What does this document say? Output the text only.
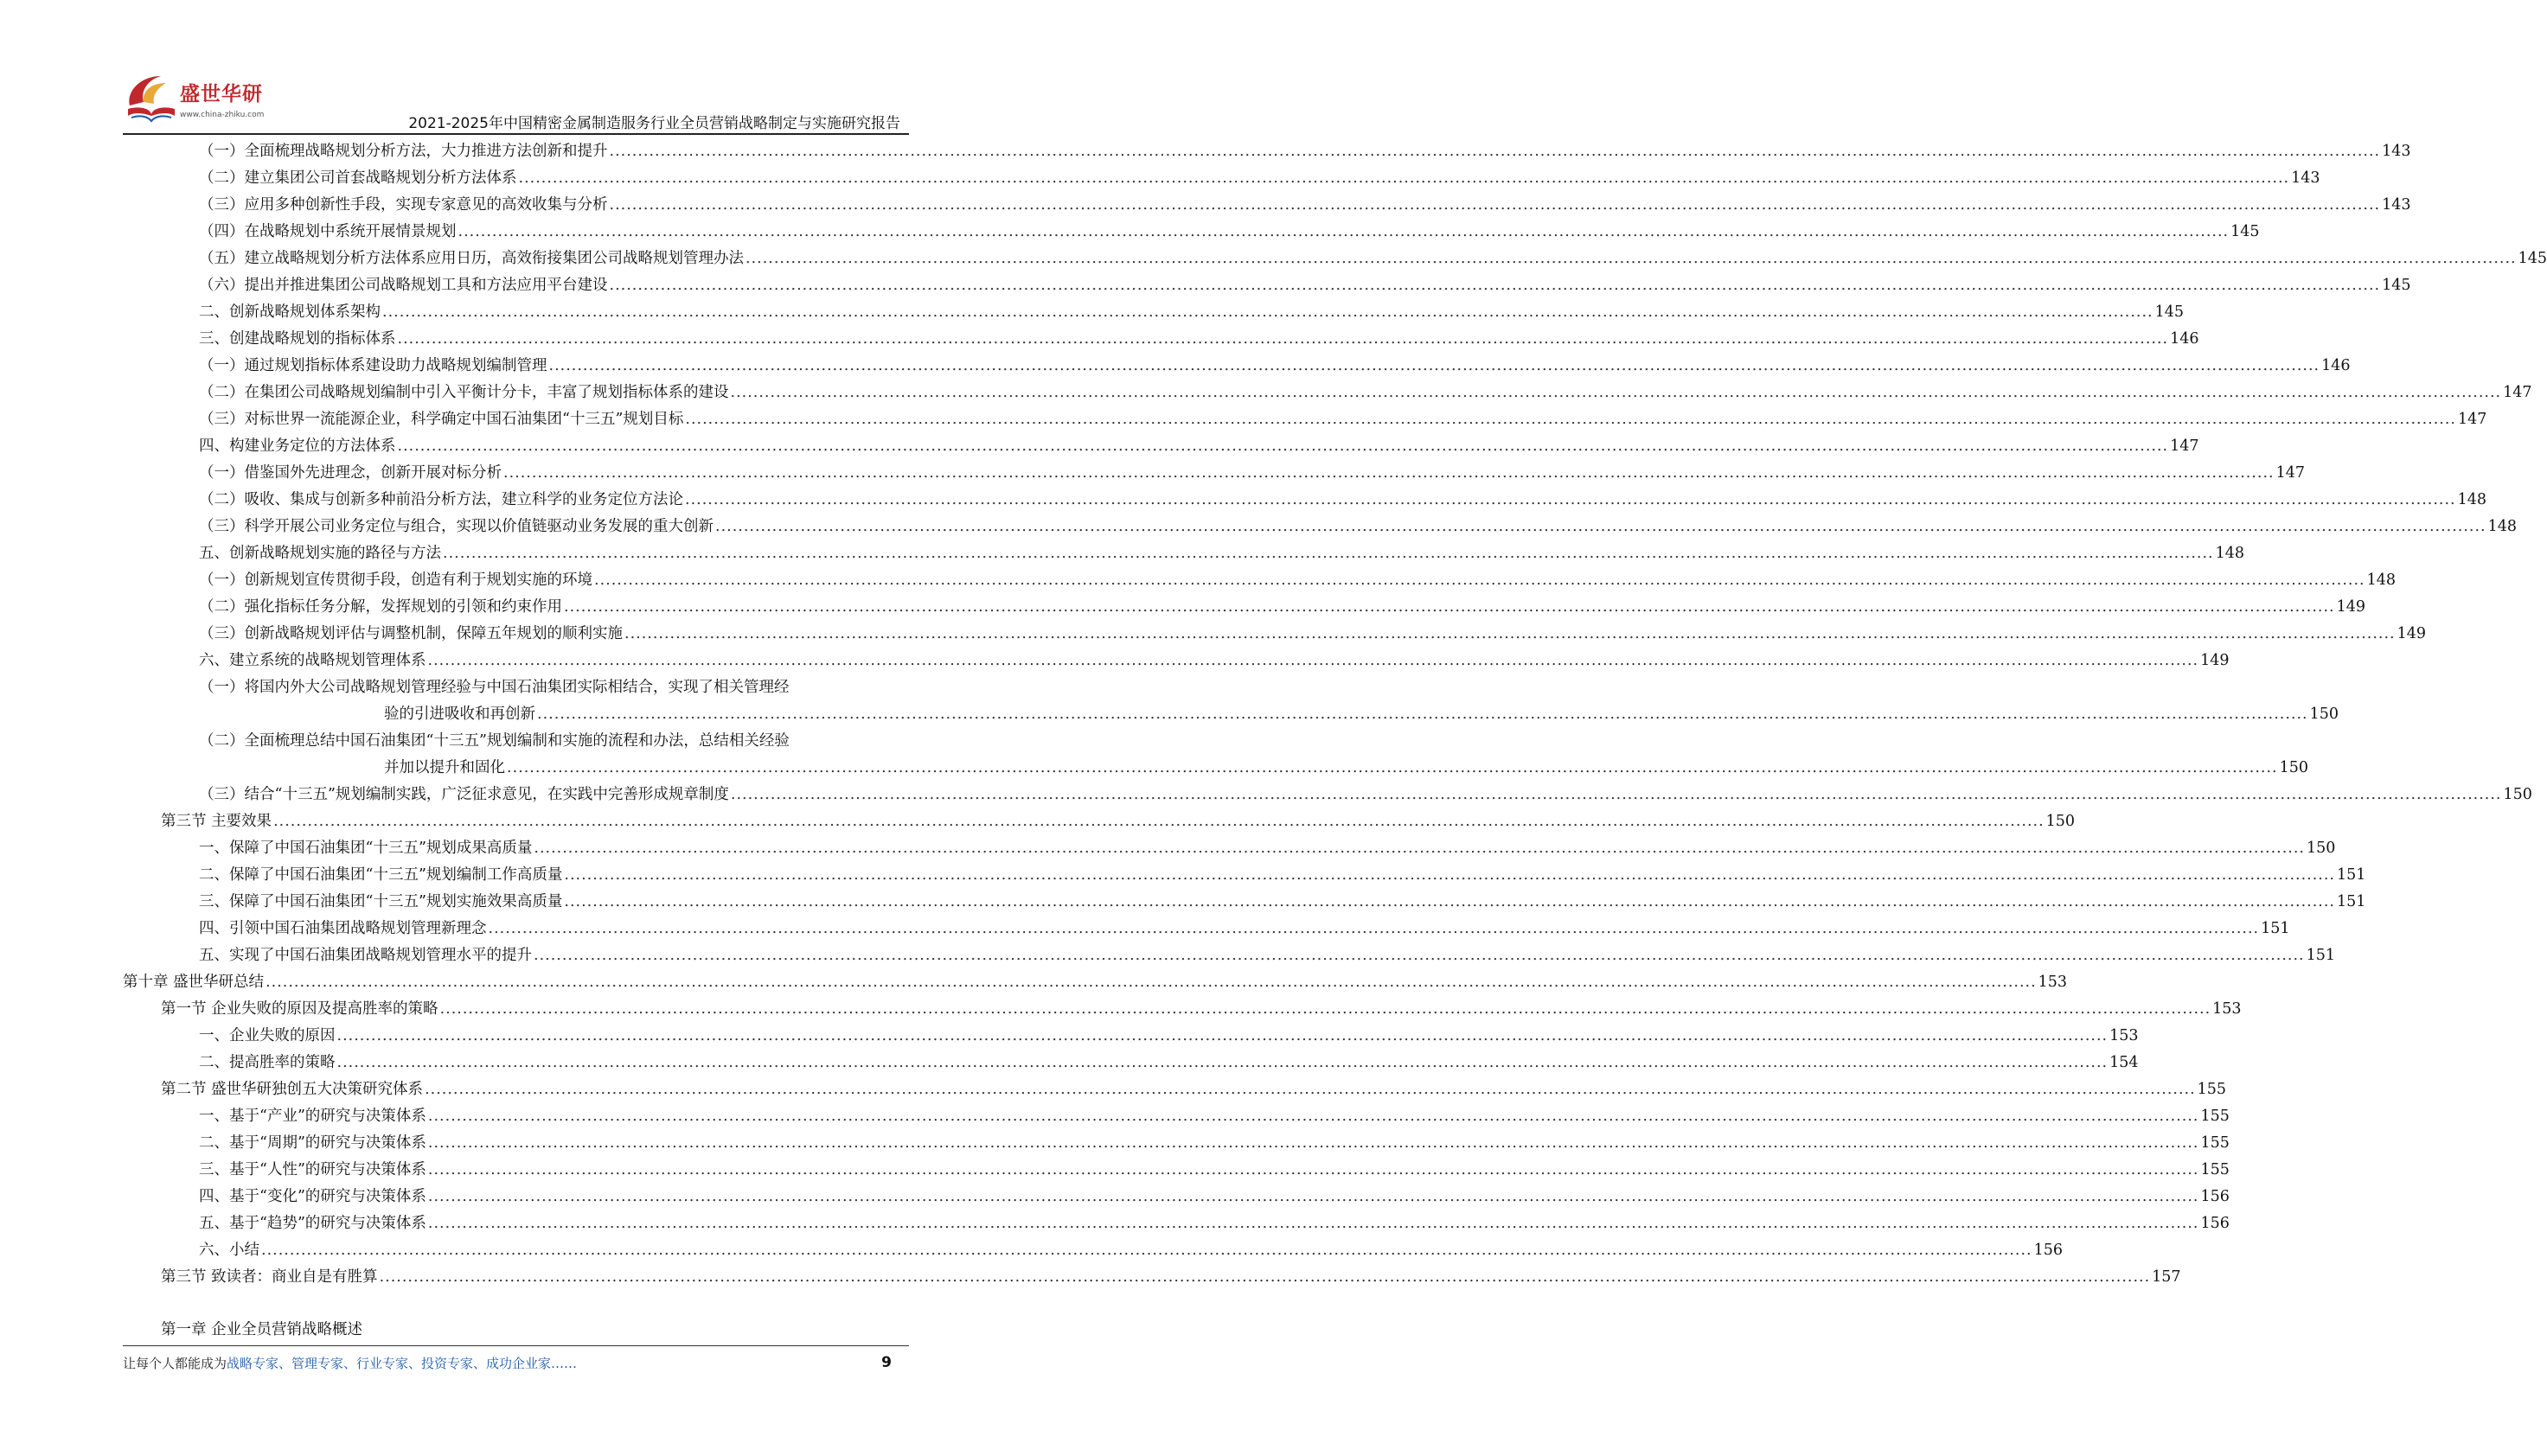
盛世华研
www.china-zhiku.com	2021-2025年中国精密金属制造服务行业全员营销战略制定与实施研究报告
（一）全面梳理战略规划分析方法，大力推进方法创新和提升 .....	143
（二）建立集团公司首套战略规划分析方法体系 .....	143
（三）应用多种创新性手段，实现专家意见的高效收集与分析 .....	143
（四）在战略规划中系统开展情景规划 .....	145
（五）建立战略规划分析方法体系应用日历，高效衔接集团公司战略规划管理办法 .....	145
（六）提出并推进集团公司战略规划工具和方法应用平台建设 .....	145
二、创新战略规划体系架构 .....	145
三、创建战略规划的指标体系 .....	146
（一）通过规划指标体系建设助力战略规划编制管理 .....	146
（二）在集团公司战略规划编制中引入平衡计分卡，丰富了规划指标体系的建设 .....	147
（三）对标世界一流能源企业，科学确定中国石油集团“十三五”规划目标 .....	147
四、构建业务定位的方法体系 .....	147
（一）借鉴国外先进理念，创新开展对标分析 .....	147
（二）吸收、集成与创新多种前沿分析方法，建立科学的业务定位方法论 .....	148
（三）科学开展公司业务定位与组合，实现以价值链驱动业务发展的重大创新 .....	148
五、创新战略规划实施的路径与方法 .....	148
（一）创新规划宣传贯彻手段，创造有利于规划实施的环境 .....	148
（二）强化指标任务分解，发挥规划的引领和约束作用 .....	149
（三）创新战略规划评估与调整机制，保障五年规划的顺利实施 .....	149
六、建立系统的战略规划管理体系 .....	149
（一）将国内外大公司战略规划管理经验与中国石油集团实际相结合，实现了相关管理经
验的引进吸收和再创新 .....	150
（二）全面梳理总结中国石油集团“十三五”规划编制和实施的流程和办法，总结相关经验
并加以提升和固化 .....	150
（三）结合“十三五”规划编制实践，广泛征求意见，在实践中完善形成规章制度 .....	150
第三节 主要效果 .....	150
一、保障了中国石油集团“十三五”规划成果高质量 .....	150
二、保障了中国石油集团“十三五”规划编制工作高质量 .....	151
三、保障了中国石油集团“十三五”规划实施效果高质量 .....	151
四、引领中国石油集团战略规划管理新理念 .....	151
五、实现了中国石油集团战略规划管理水平的提升 .....	151
第十章 盛世华研总结 .....	153
第一节 企业失败的原因及提高胜率的策略 .....	153
一、企业失败的原因 .....	153
二、提高胜率的策略 .....	154
第二节 盛世华研独创五大决策研究体系 .....	155
一、基于“产业”的研究与决策体系 .....	155
二、基于“周期”的研究与决策体系 .....	155
三、基于“人性”的研究与决策体系 .....	155
四、基于“变化”的研究与决策体系 .....	156
五、基于“趋势”的研究与决策体系 .....	156
六、小结 .....	156
第三节 致读者：商业自是有胜算 .....	157
第一章 企业全员营销战略概述
让每个人都能成为战略专家、管理专家、行业专家、投资专家、成功企业家……	9
